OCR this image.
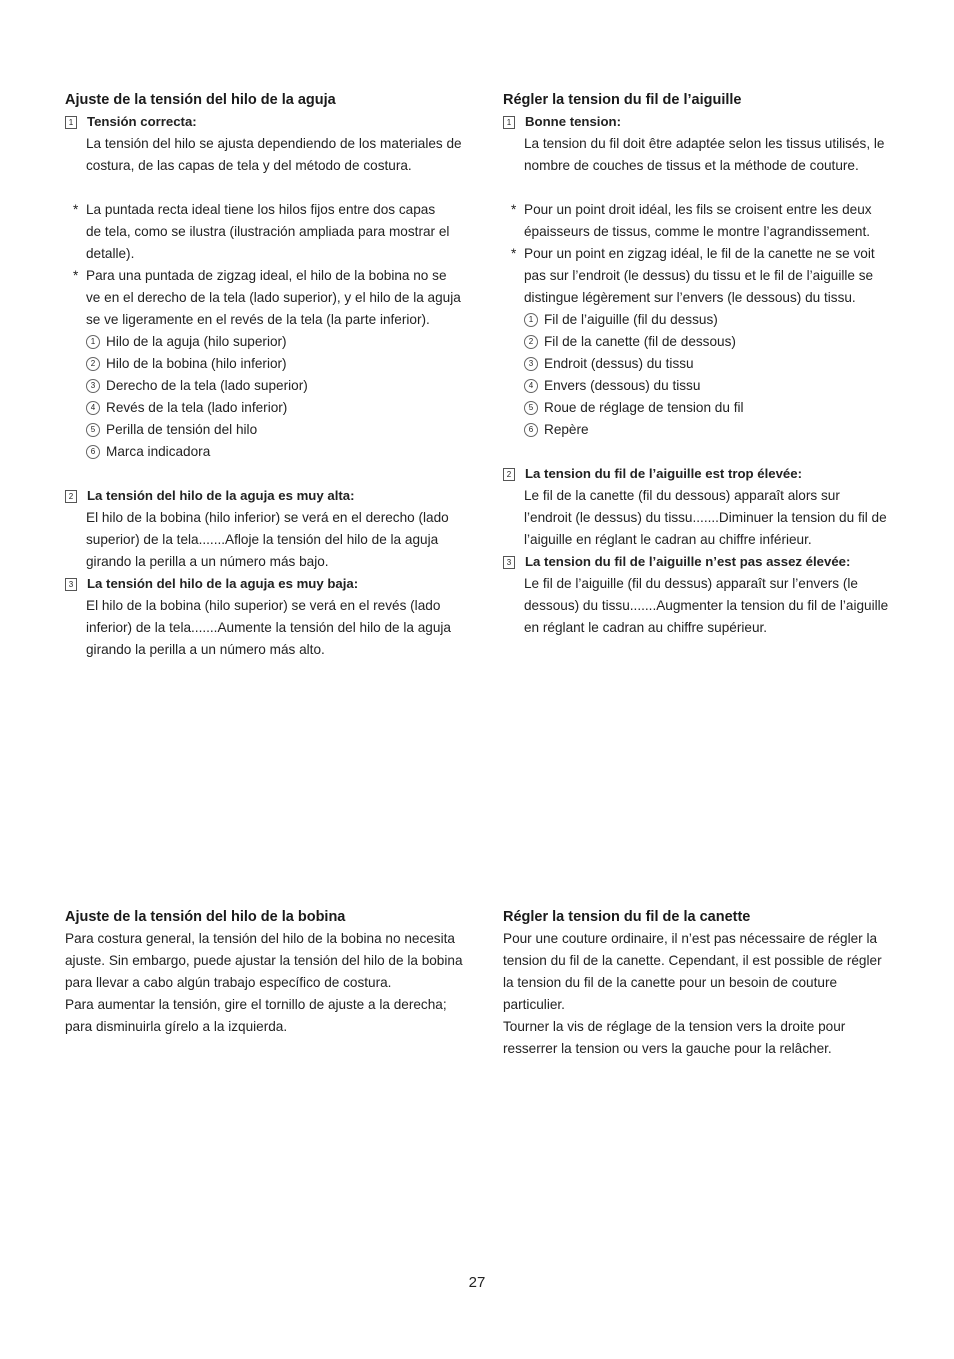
Ajuste de la tensión del hilo de la aguja
1 Tensión correcta:

La tensión del hilo se ajusta dependiendo de los materiales de

costura, de las capas de tela y del método de costura.

* La puntada recta ideal tiene los hilos fijos entre dos capas

de tela, como se ilustra (ilustración ampliada para mostrar el

detalle).

* Para una puntada de zigzag ideal, el hilo de la bobina no se

ve en el derecho de la tela (lado superior), y el hilo de la aguja

se ve ligeramente en el revés de la tela (la parte inferior).

1 Hilo de la aguja (hilo superior)
2 Hilo de la bobina (hilo inferior)
3 Derecho de la tela (lado superior)
4 Revés de la tela (lado inferior)
5 Perilla de tensión del hilo
6 Marca indicadora
2 La tensión del hilo de la aguja es muy alta:

El hilo de la bobina (hilo inferior) se verá en el derecho (lado

superior) de la tela.......Afloje la tensión del hilo de la aguja

girando la perilla a un número más bajo.

3 La tensión del hilo de la aguja es muy baja:

El hilo de la bobina (hilo superior) se verá en el revés (lado

inferior) de la tela.......Aumente la tensión del hilo de la aguja

girando la perilla a un número más alto.

Régler la tension du fil de l’aiguille
1 Bonne tension:

La tension du fil doit être adaptée selon les tissus utilisés, le

nombre de couches de tissus et la méthode de couture.

* Pour un point droit idéal, les fils se croisent entre les deux

épaisseurs de tissus, comme le montre l’agrandissement.

* Pour un point en zigzag idéal, le fil de la canette ne se voit

pas sur l’endroit (le dessus) du tissu et le fil de l’aiguille se

distingue légèrement sur l’envers (le dessous) du tissu.

1 Fil de l’aiguille (fil du dessus)
2 Fil de la canette (fil de dessous)
3 Endroit (dessus) du tissu
4 Envers (dessous) du tissu
5 Roue de réglage de tension du fil
6 Repère
2 La tension du fil de l’aiguille est trop élevée:

Le fil de la canette (fil du dessous) apparaît alors sur

l’endroit (le dessus) du tissu.......Diminuer la tension du fil de

l’aiguille en réglant le cadran au chiffre inférieur.

3 La tension du fil de l’aiguille n’est pas assez élevée:

Le fil de l’aiguille (fil du dessus) apparaît sur l’envers (le

dessous) du tissu.......Augmenter la tension du fil de l’aiguille

en réglant le cadran au chiffre supérieur.

Ajuste de la tensión del hilo de la bobina

Para costura general, la tensión del hilo de la bobina no necesita

ajuste. Sin embargo, puede ajustar la tensión del hilo de la bobina

para llevar a cabo algún trabajo específico de costura.

Para aumentar la tensión, gire el tornillo de ajuste a la derecha;

para disminuirla gírelo a la izquierda.

Régler la tension du fil de la canette

Pour une couture ordinaire, il n’est pas nécessaire de régler la

tension du fil de la canette. Cependant, il est possible de régler

la tension du fil de la canette pour un besoin de couture

particulier.

Tourner la vis de réglage de la tension vers la droite pour

resserrer la tension ou vers la gauche pour la relâcher.

27
